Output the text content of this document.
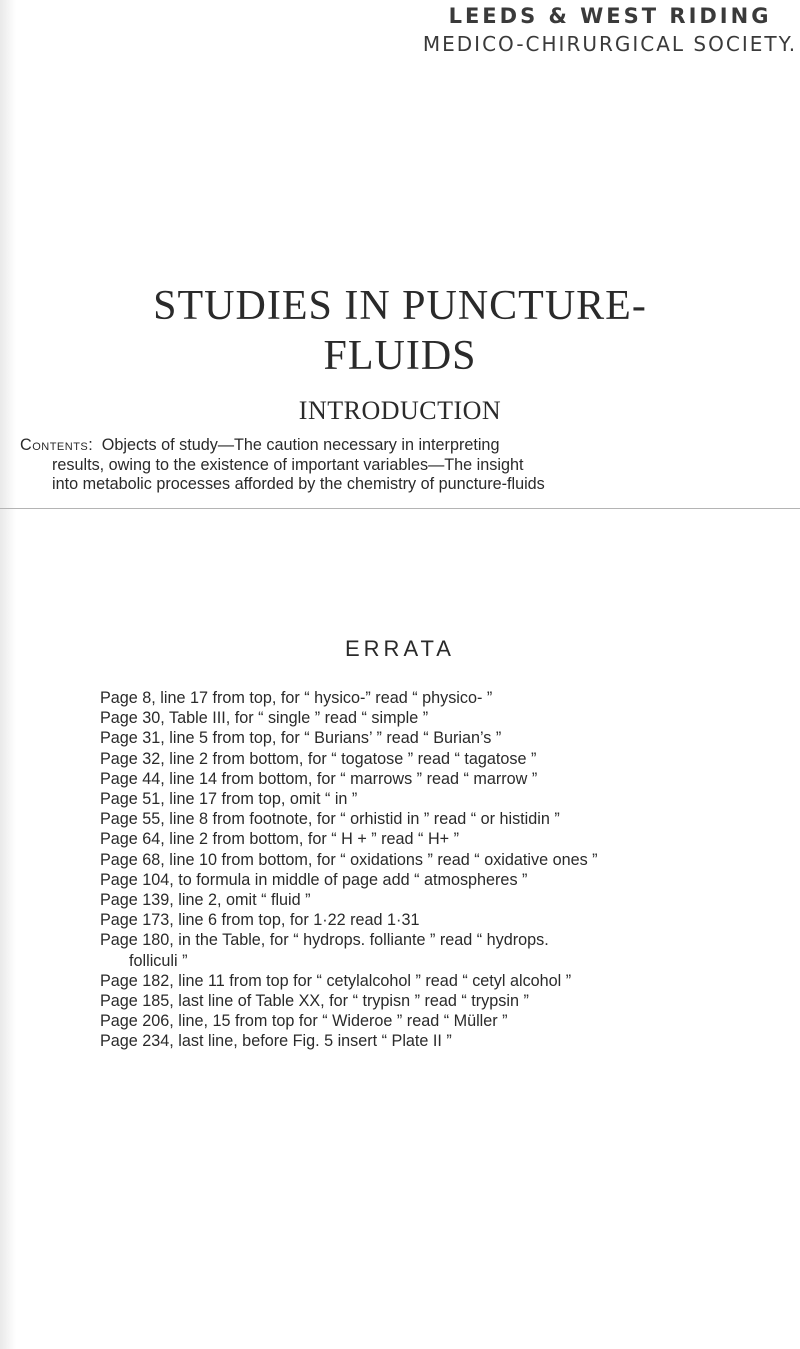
LEEDS & WEST RIDING
MEDICO-CHIRURGICAL SOCIETY.
STUDIES IN PUNCTURE-
FLUIDS
INTRODUCTION
Contents:  Objects of study—The caution necessary in interpreting
results, owing to the existence of important variables—The insight
into metabolic processes afforded by the chemistry of puncture-fluids
ERRATA
Page 8, line 17 from top, for “ hysico-” read “ physico- ”
Page 30, Table III, for “ single ” read “ simple ”
Page 31, line 5 from top, for “ Burians’ ” read “ Burian’s ”
Page 32, line 2 from bottom, for “ togatose ” read “ tagatose ”
Page 44, line 14 from bottom, for “ marrows ” read “ marrow ”
Page 51, line 17 from top, omit “ in ”
Page 55, line 8 from footnote, for “ orhistid in ” read “ or histidin ”
Page 64, line 2 from bottom, for “ H + ” read “ H+ ”
Page 68, line 10 from bottom, for “ oxidations ” read “ oxidative ones ”
Page 104, to formula in middle of page add “ atmospheres ”
Page 139, line 2, omit “ fluid ”
Page 173, line 6 from top, for 1·22 read 1·31
Page 180, in the Table, for “ hydrops. folliante ” read “ hydrops.
folliculi ”
Page 182, line 11 from top for “ cetylalcohol ” read “ cetyl alcohol ”
Page 185, last line of Table XX, for “ trypisn ” read “ trypsin ”
Page 206, line, 15 from top for “ Wideroe ” read “ Müller ”
Page 234, last line, before Fig. 5 insert “ Plate II ”
